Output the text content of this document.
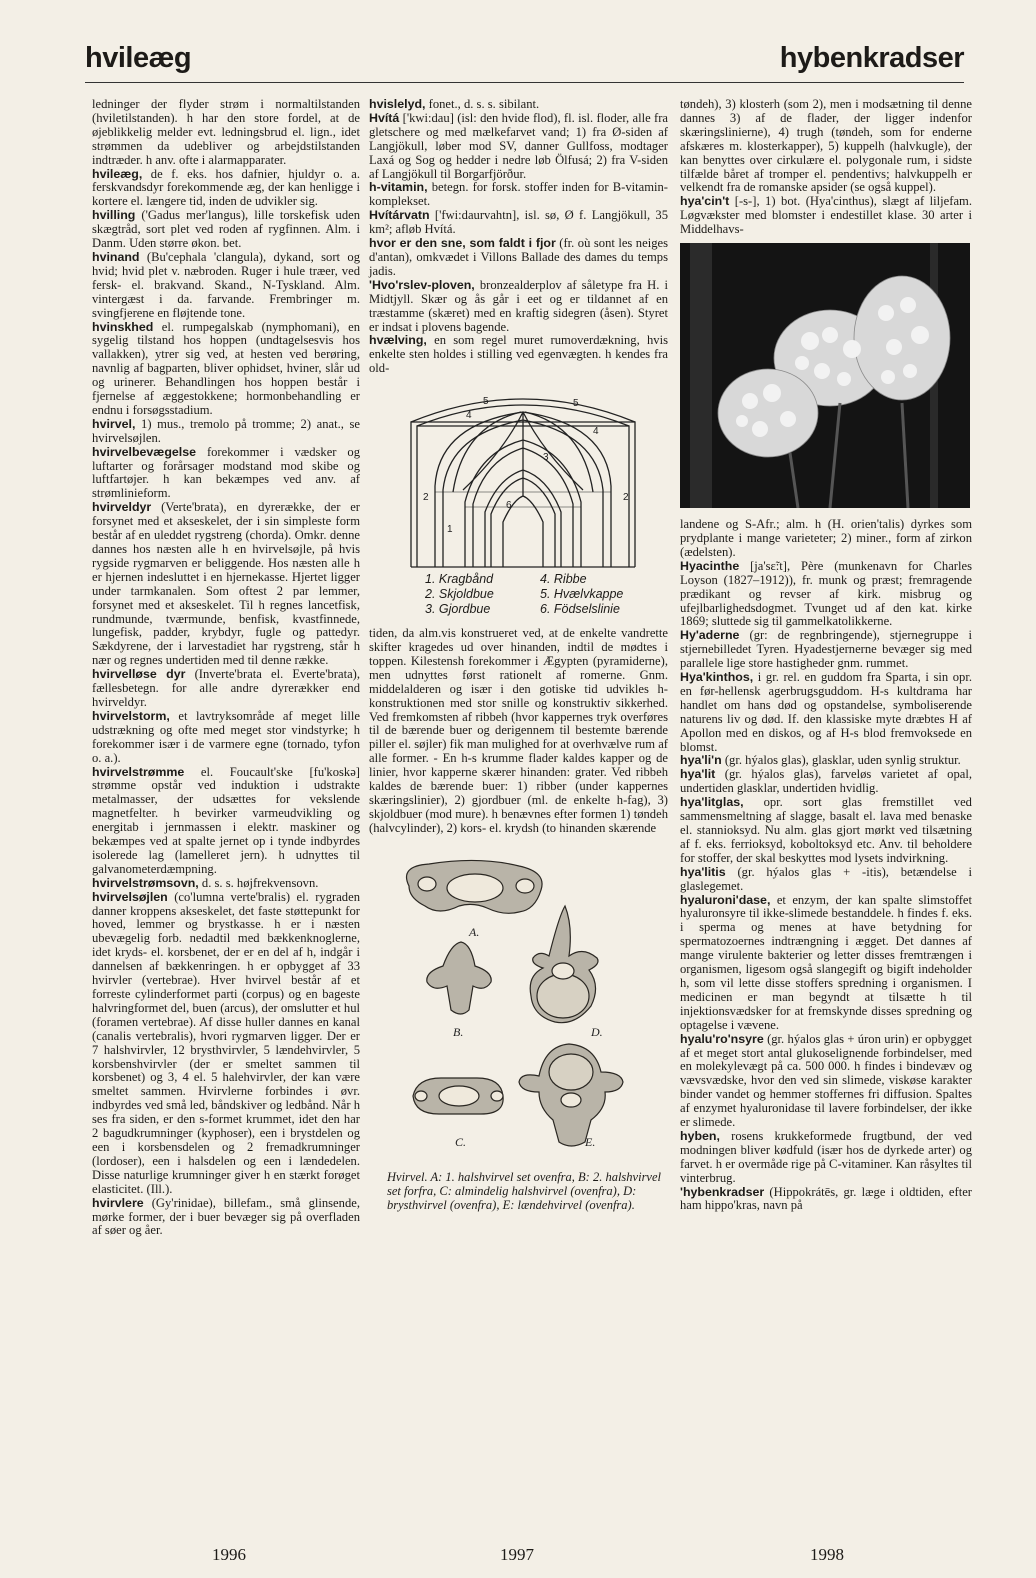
hvileæg	hybenkradser

ledninger der flyder strøm i normaltilstanden (hviletilstanden). h har den store fordel, at de øjeblikkelig melder evt. ledningsbrud el. lign., idet strømmen da udebliver og arbejdstilstanden indtræder. h anv. ofte i alarmapparater.

hvileæg, de f. eks. hos dafnier, hjuldyr o. a. ferskvandsdyr forekommende æg, der kan henligge i kortere el. længere tid, inden de udvikler sig.

hvilling ('Gadus mer'langus), lille torskefisk uden skægtråd, sort plet ved roden af rygfinnen. Alm. i Danm. Uden større økon. bet.

hvinand (Bu'cephala 'clangula), dykand, sort og hvid; hvid plet v. næbroden. Ruger i hule træer, ved fersk- el. brakvand. Skand., N-Tyskland. Alm. vintergæst i da. farvande. Frembringer m. svingfjerene en fløjtende tone.

hvinskhed el. rumpegalskab (nymphomani), en sygelig tilstand hos hoppen (undtagelsesvis hos vallakken), ytrer sig ved, at hesten ved berøring, navnlig af bagparten, bliver ophidset, hviner, slår ud og urinerer. Behandlingen hos hoppen består i fjernelse af æggestokkene; hormonbehandling er endnu i forsøgsstadium.

hvirvel, 1) mus., tremolo på tromme; 2) anat., se hvirvelsøjlen.

hvirvelbevægelse forekommer i vædsker og luftarter og forårsager modstand mod skibe og luftfartøjer. h kan bekæmpes ved anv. af strømlinieform.

hvirveldyr (Verte'brata), en dyrerække, der er forsynet med et akseskelet, der i sin simpleste form består af en uleddet rygstreng (chorda). Omkr. denne dannes hos næsten alle h en hvirvelsøjle, på hvis rygside rygmarven er beliggende. Hos næsten alle h er hjernen indesluttet i en hjernekasse. Hjertet ligger under tarmkanalen. Som oftest 2 par lemmer, forsynet med et akseskelet. Til h regnes lancetfisk, rundmunde, tværmunde, benfisk, kvastfinnede, lungefisk, padder, krybdyr, fugle og pattedyr. Sækdyrene, der i larvestadiet har rygstreng, står h nær og regnes undertiden med til denne række.

hvirvelløse dyr (Inverte'brata el. Everte'brata), fællesbetegn. for alle andre dyrerækker end hvirveldyr.

hvirvelstorm, et lavtryksområde af meget lille udstrækning og ofte med meget stor vindstyrke; h forekommer især i de varmere egne (tornado, tyfon o. a.).

hvirvelstrømme el. Foucault'ske [fu'koskə] strømme opstår ved induktion i udstrakte metalmasser, der udsættes for vekslende magnetfelter. h bevirker varmeudvikling og energitab i jernmassen i elektr. maskiner og bekæmpes ved at spalte jernet op i tynde indbyrdes isolerede lag (lamelleret jern). h udnyttes til galvanometerdæmpning.

hvirvelstrømsovn, d. s. s. højfrekvensovn.

hvirvelsøjlen (co'lumna verte'bralis) el. rygraden danner kroppens akseskelet, det faste støttepunkt for hoved, lemmer og brystkasse. h er i næsten ubevægelig forb. nedadtil med bækkenknoglerne, idet kryds- el. korsbenet, der er en del af h, indgår i dannelsen af bækkenringen. h er opbygget af 33 hvirvler (vertebrae). Hver hvirvel består af et forreste cylinderformet parti (corpus) og en bageste halvringformet del, buen (arcus), der omslutter et hul (foramen vertebrae). Af disse huller dannes en kanal (canalis vertebralis), hvori rygmarven ligger. Der er 7 halshvirvler, 12 brysthvirvler, 5 lændehvirvler, 5 korsbenshvirvler (der er smeltet sammen til korsbenet) og 3, 4 el. 5 halehvirvler, der kan være smeltet sammen. Hvirvlerne forbindes i øvr. indbyrdes ved små led, båndskiver og ledbånd. Når h ses fra siden, er den s-formet krummet, idet den har 2 bagudkrumninger (kyphoser), een i brystdelen og een i korsbensdelen og 2 fremadkrumninger (lordoser), een i halsdelen og een i lændedelen. Disse naturlige krumninger giver h en stærkt forøget elasticitet. (Ill.).

hvirvlere (Gy'rinidae), billefam., små glinsende, mørke former, der i buer bevæger sig på overfladen af søer og åer.

hvislelyd, fonet., d. s. s. sibilant.

Hvítá ['kwi:dau] (isl: den hvide flod), fl. isl. floder, alle fra gletschere og med mælkefarvet vand; 1) fra Ø-siden af Langjökull, løber mod SV, danner Gullfoss, modtager Laxá og Sog og hedder i nedre løb Ölfusá; 2) fra V-siden af Langjökull til Borgarfjörður.

h-vitamin, betegn. for forsk. stoffer inden for B-vitamin-komplekset.

Hvítárvatn ['fwi:daurvahtn], isl. sø, Ø f. Langjökull, 35 km²; afløb Hvítá.

hvor er den sne, som faldt i fjor (fr. où sont les neiges d'antan), omkvædet i Villons Ballade des dames du temps jadis.

'Hvo'rslev-ploven, bronzealderplov af såletype fra H. i Midtjyll. Skær og ås går i eet og er tildannet af en træstamme (skæret) med en kraftig sidegren (åsen). Styret er indsat i plovens bagende.

hvælving, en som regel muret rumoverdækning, hvis enkelte sten holdes i stilling ved egenvægten. h kendes fra old-

5	5
4
4
3
2	2
1
6
1. Kragbånd	4. Ribbe
2. Skjoldbue	5. Hvælvkappe
3. Gjordbue	6. Födselslinie

tiden, da alm.vis konstrueret ved, at de enkelte vandrette skifter kragedes ud over hinanden, indtil de mødtes i toppen. Kilestensh forekommer i Ægypten (pyramiderne), men udnyttes først rationelt af romerne. Gnm. middelalderen og især i den gotiske tid udvikles h-konstruktionen med stor snille og konstruktiv sikkerhed. Ved fremkomsten af ribbeh (hvor kappernes tryk overføres til de bærende buer og derigennem til bestemte bærende piller el. søjler) fik man mulighed for at overhvælve rum af alle former. - En h-s krumme flader kaldes kapper og de linier, hvor kapperne skærer hinanden: grater. Ved ribbeh kaldes de bærende buer: 1) ribber (under kappernes skæringslinier), 2) gjordbuer (ml. de enkelte h-fag), 3) skjoldbuer (mod mure). h benævnes efter formen 1) tøndeh (halvcylinder), 2) kors- el. krydsh (to hinanden skærende

A.
B.
C.
D.
E.

Hvirvel. A: 1. halshvirvel set ovenfra, B: 2. halshvirvel set forfra, C: almindelig halshvirvel (ovenfra), D: brysthvirvel (ovenfra), E: lændehvirvel (ovenfra).

tøndeh), 3) klosterh (som 2), men i modsætning til denne dannes 3) af de flader, der ligger indenfor skæringslinierne), 4) trugh (tøndeh, som for enderne afskæres m. klosterkapper), 5) kuppelh (halvkugle), der kan benyttes over cirkulære el. polygonale rum, i sidste tilfælde båret af tromper el. pendentivs; halvkuppelh er velkendt fra de romanske apsider (se også kuppel).

hya'cin't [-s-], 1) bot. (Hya'cinthus), slægt af liljefam. Løgvækster med blomster i endestillet klase. 30 arter i Middelhavs-

landene og S-Afr.; alm. h (H. orien'talis) dyrkes som prydplante i mange varieteter; 2) miner., form af zirkon (ædelsten).

Hyacinthe [ja'sɛ̃:t], Père (munkenavn for Charles Loyson (1827–1912)), fr. munk og præst; fremragende prædikant og revser af kirk. misbrug og ufejlbarlighedsdogmet. Tvunget ud af den kat. kirke 1869; sluttede sig til gammelkatolikkerne.

Hy'aderne (gr: de regnbringende), stjernegruppe i stjernebilledet Tyren. Hyadestjernerne bevæger sig med parallele lige store hastigheder gnm. rummet.

Hya'kinthos, i gr. rel. en guddom fra Sparta, i sin opr. en før-hellensk agerbrugsguddom. H-s kultdrama har handlet om hans død og opstandelse, symboliserende naturens liv og død. If. den klassiske myte dræbtes H af Apollon med en diskos, og af H-s blod fremvoksede en blomst.

hya'li'n (gr. hýalos glas), glasklar, uden synlig struktur.

hya'lit (gr. hýalos glas), farveløs varietet af opal, undertiden glasklar, undertiden hvidlig.

hya'litglas, opr. sort glas fremstillet ved sammensmeltning af slagge, basalt el. lava med benaske el. stannioksyd. Nu alm. glas gjort mørkt ved tilsætning af f. eks. ferrioksyd, koboltoksyd etc. Anv. til beholdere for stoffer, der skal beskyttes mod lysets indvirkning.

hya'litis (gr. hýalos glas + -itis), betændelse i glaslegemet.

hyaluroni'dase, et enzym, der kan spalte slimstoffet hyaluronsyre til ikke-slimede bestanddele. h findes f. eks. i sperma og menes at have betydning for spermatozoernes indtrængning i ægget. Det dannes af mange virulente bakterier og letter disses fremtrængen i organismen, ligesom også slangegift og bigift indeholder h, som vil lette disse stoffers spredning i organismen. I medicinen er man begyndt at tilsætte h til injektionsvædsker for at fremskynde disses spredning og optagelse i vævene.

hyalu'ro'nsyre (gr. hýalos glas + úron urin) er opbygget af et meget stort antal glukoselignende forbindelser, med en molekylevægt på ca. 500 000. h findes i bindevæv og vævsvædske, hvor den ved sin slimede, viskøse karakter binder vandet og hemmer stoffernes fri diffusion. Spaltes af enzymet hyaluronidase til lavere forbindelser, der ikke er slimede.

hyben, rosens krukkeformede frugtbund, der ved modningen bliver kødfuld (især hos de dyrkede arter) og farvet. h er overmåde rige på C-vitaminer. Kan råsyltes til vinterbrug.

'hybenkradser (Hippokrátēs, gr. læge i oldtiden, efter ham hippo'kras, navn på

1996	1997	1998
